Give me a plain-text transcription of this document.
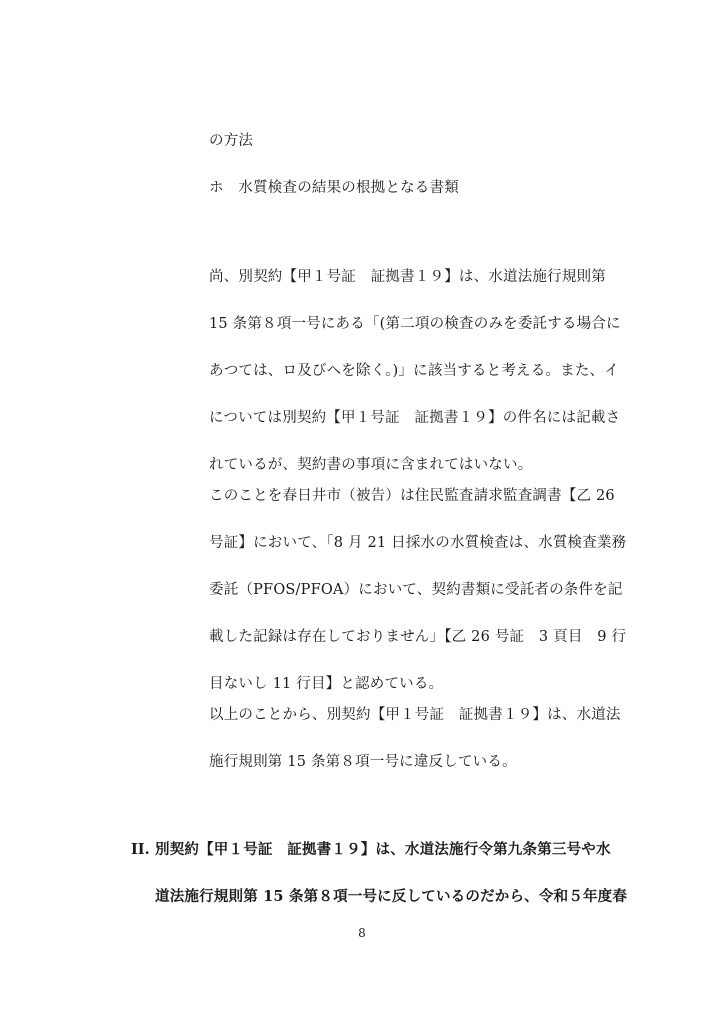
の方法
ホ　水質検査の結果の根拠となる書類
尚、別契約【甲１号証　証拠書１９】は、水道法施行規則第
15 条第８項一号にある「(第二項の検査のみを委託する場合に
あつては、ロ及びヘを除く。)」に該当すると考える。また、イ
については別契約【甲１号証　証拠書１９】の件名には記載さ
れているが、契約書の事項に含まれてはいない。
このことを春日井市（被告）は住民監査請求監査調書【乙 26
号証】において、「8 月 21 日採水の水質検査は、水質検査業務
委託（PFOS/PFOA）において、契約書類に受託者の条件を記
載した記録は存在しておりません」【乙 26 号証　3 頁目　9 行
目ないし 11 行目】と認めている。
以上のことから、別契約【甲１号証　証拠書１９】は、水道法
施行規則第 15 条第８項一号に違反している。
II. 別契約【甲１号証　証拠書１９】は、水道法施行令第九条第三号や水
道法施行規則第 15 条第８項一号に反しているのだから、令和５年度春
8
